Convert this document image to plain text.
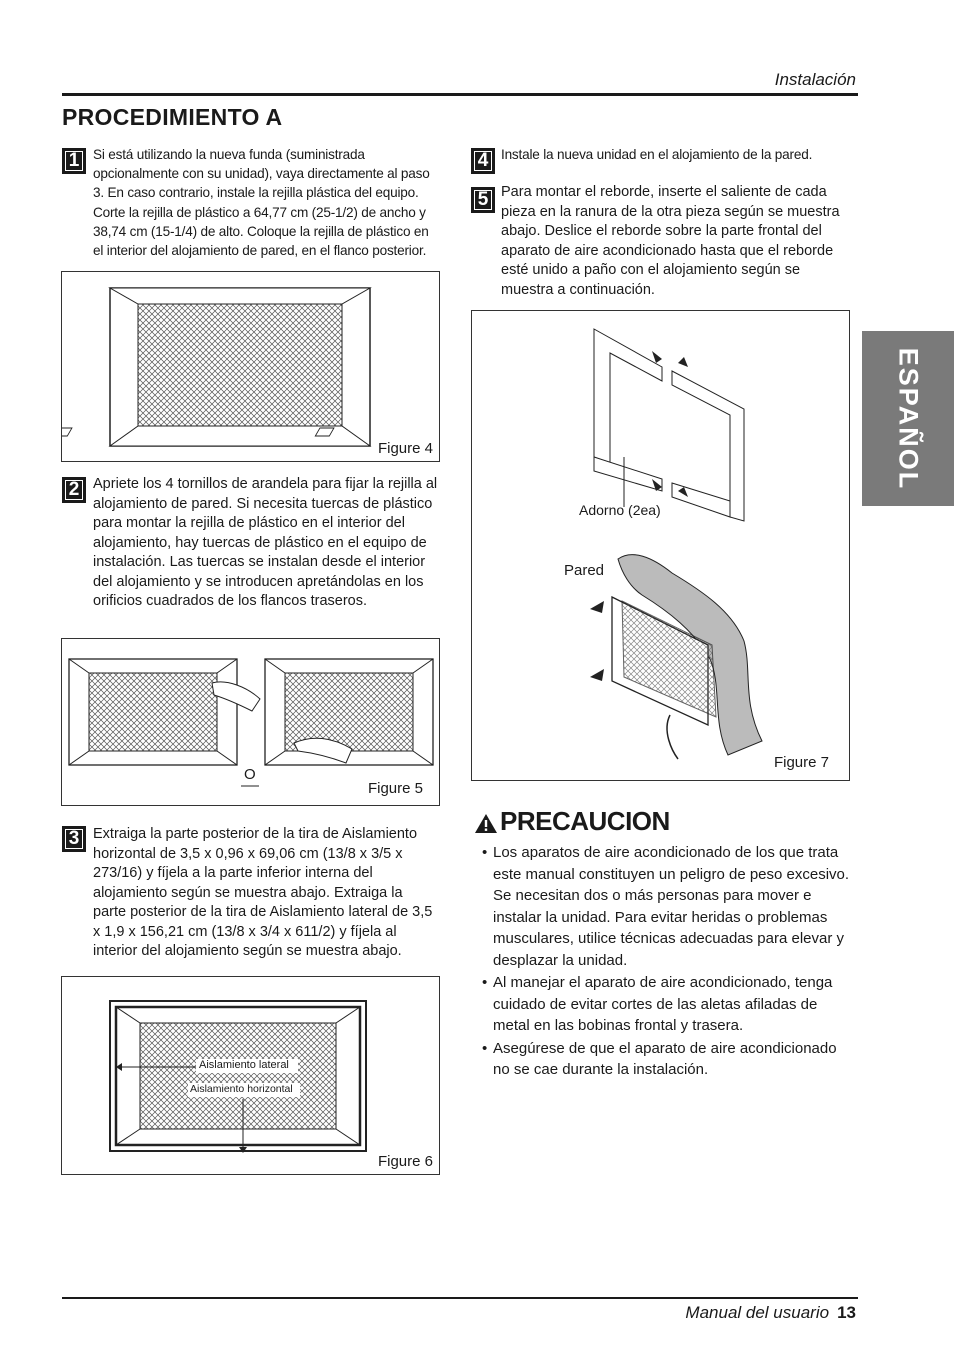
Instalación
PROCEDIMIENTO A
1	Si está utilizando la nueva funda (suministrada opcionalmente con su unidad), vaya directamente al paso 3. En caso contrario, instale la rejilla plástica del equipo. Corte la rejilla de plástico a 64,77 cm (25-1/2) de ancho y 38,74 cm (15-1/4) de alto. Coloque la rejilla de plástico en el interior del alojamiento de pared, en el flanco posterior.
Figure 4
2 Apriete los 4 tornillos de arandela para fijar la rejilla al alojamiento de pared. Si necesita tuercas de plástico para montar la rejilla de plástico en el interior del alojamiento, hay tuercas de plástico en el equipo de instalación. Las tuercas se instalan desde el interior del alojamiento y se introducen apretándolas en los orificios cuadrados de los flancos traseros.
O
Figure 5
3 Extraiga la parte posterior de la tira de Aislamiento horizontal de 3,5 x 0,96 x 69,06 cm (13/8 x 3/5 x 273/16) y fíjela a la parte inferior interna del alojamiento según se muestra abajo. Extraiga la parte posterior de la tira de Aislamiento lateral de 3,5 x 1,9 x 156,21 cm (13/8 x 3/4 x 611/2) y fíjela al interior del alojamiento según se muestra abajo.
Aislamiento lateral
Aislamiento horizontal
Figure 6
4 Instale la nueva unidad en el alojamiento de la pared.
5 Para montar el reborde, inserte el saliente de cada pieza en la ranura de la otra pieza según se muestra abajo. Deslice el reborde sobre la parte frontal del aparato de aire acondicionado hasta que el reborde esté unido a paño con el alojamiento según se muestra a continuación.
Adorno (2ea)
Pared
Figure 7
ESPAÑOL
PRECAUCION
• Los aparatos de aire acondicionado de los que trata este manual constituyen un peligro de peso excesivo. Se necesitan dos o más personas para mover e instalar la unidad. Para evitar heridas o problemas musculares, utilice técnicas adecuadas para elevar y desplazar la unidad.
• Al manejar el aparato de aire acondicionado, tenga cuidado de evitar cortes de las aletas afiladas de metal en las bobinas frontal y trasera.
• Asegúrese de que el aparato de aire acondicionado no se cae durante la instalación.
Manual del usuario 13
